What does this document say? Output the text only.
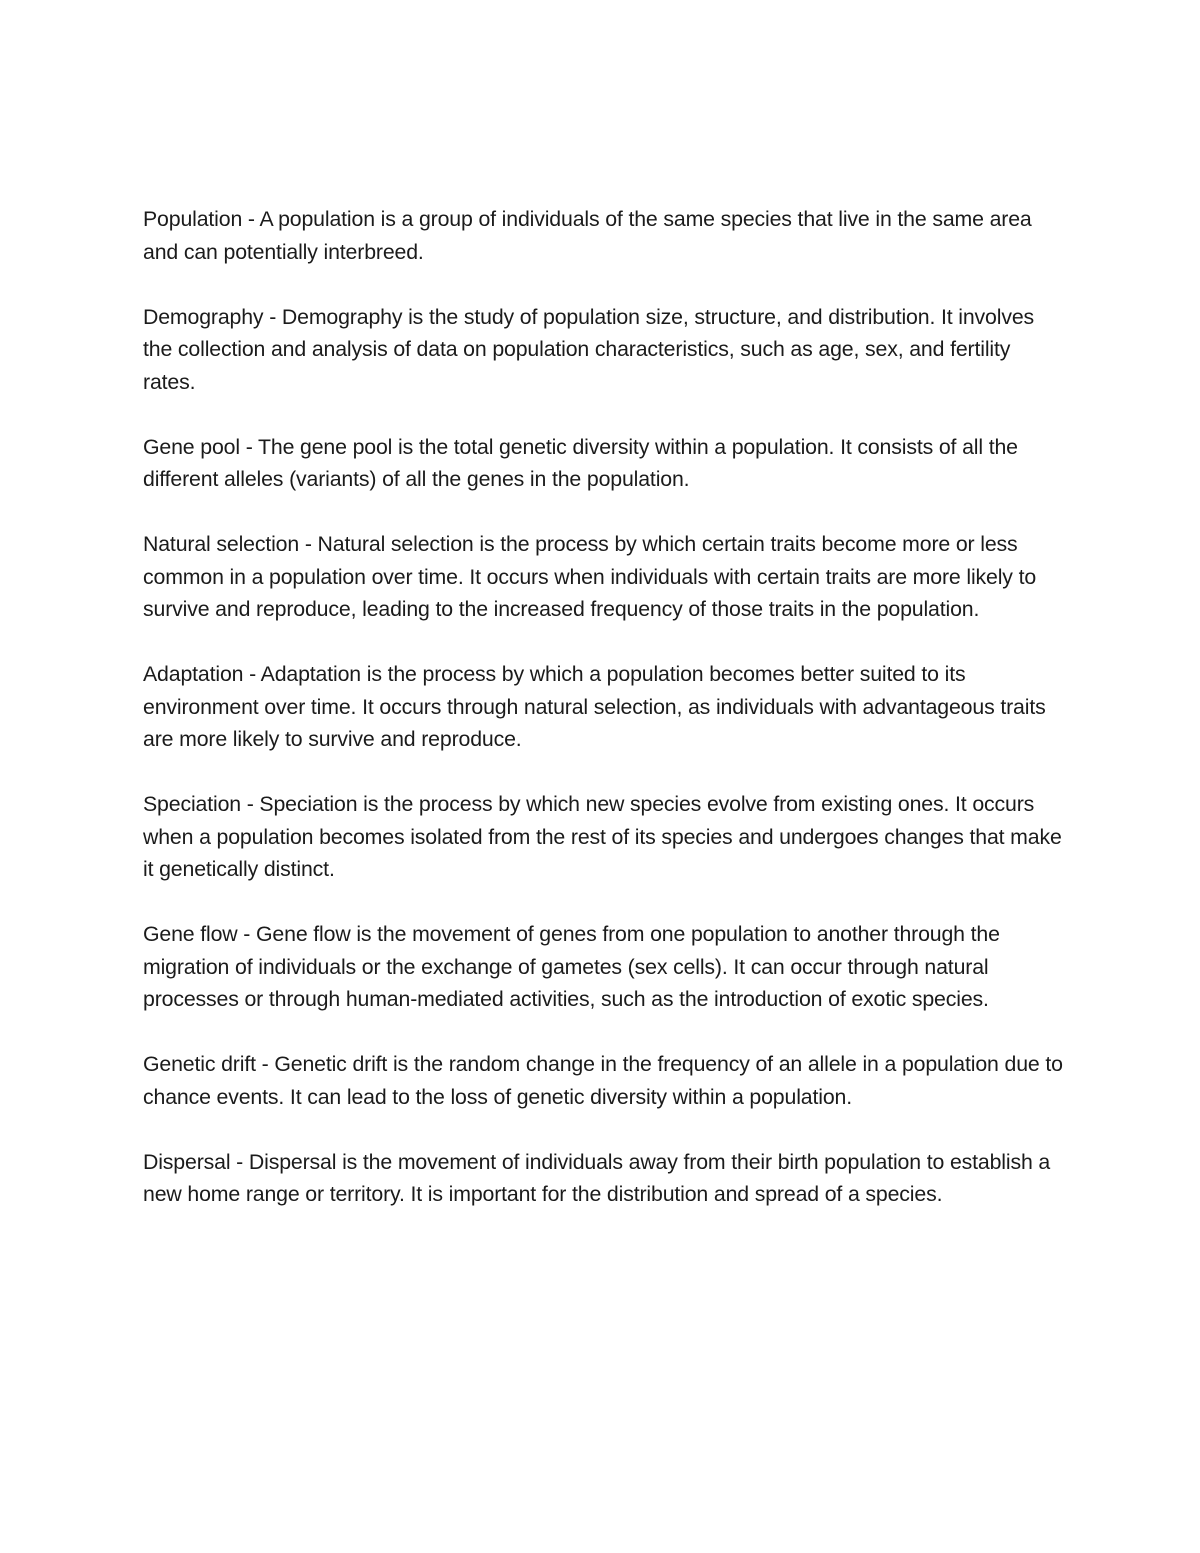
Population - A population is a group of individuals of the same species that live in the same area and can potentially interbreed.

Demography - Demography is the study of population size, structure, and distribution. It involves the collection and analysis of data on population characteristics, such as age, sex, and fertility rates.

Gene pool - The gene pool is the total genetic diversity within a population. It consists of all the different alleles (variants) of all the genes in the population.

Natural selection - Natural selection is the process by which certain traits become more or less common in a population over time. It occurs when individuals with certain traits are more likely to survive and reproduce, leading to the increased frequency of those traits in the population.

Adaptation - Adaptation is the process by which a population becomes better suited to its environment over time. It occurs through natural selection, as individuals with advantageous traits are more likely to survive and reproduce.

Speciation - Speciation is the process by which new species evolve from existing ones. It occurs when a population becomes isolated from the rest of its species and undergoes changes that make it genetically distinct.

Gene flow - Gene flow is the movement of genes from one population to another through the migration of individuals or the exchange of gametes (sex cells). It can occur through natural processes or through human-mediated activities, such as the introduction of exotic species.

Genetic drift - Genetic drift is the random change in the frequency of an allele in a population due to chance events. It can lead to the loss of genetic diversity within a population.

Dispersal - Dispersal is the movement of individuals away from their birth population to establish a new home range or territory. It is important for the distribution and spread of a species.
